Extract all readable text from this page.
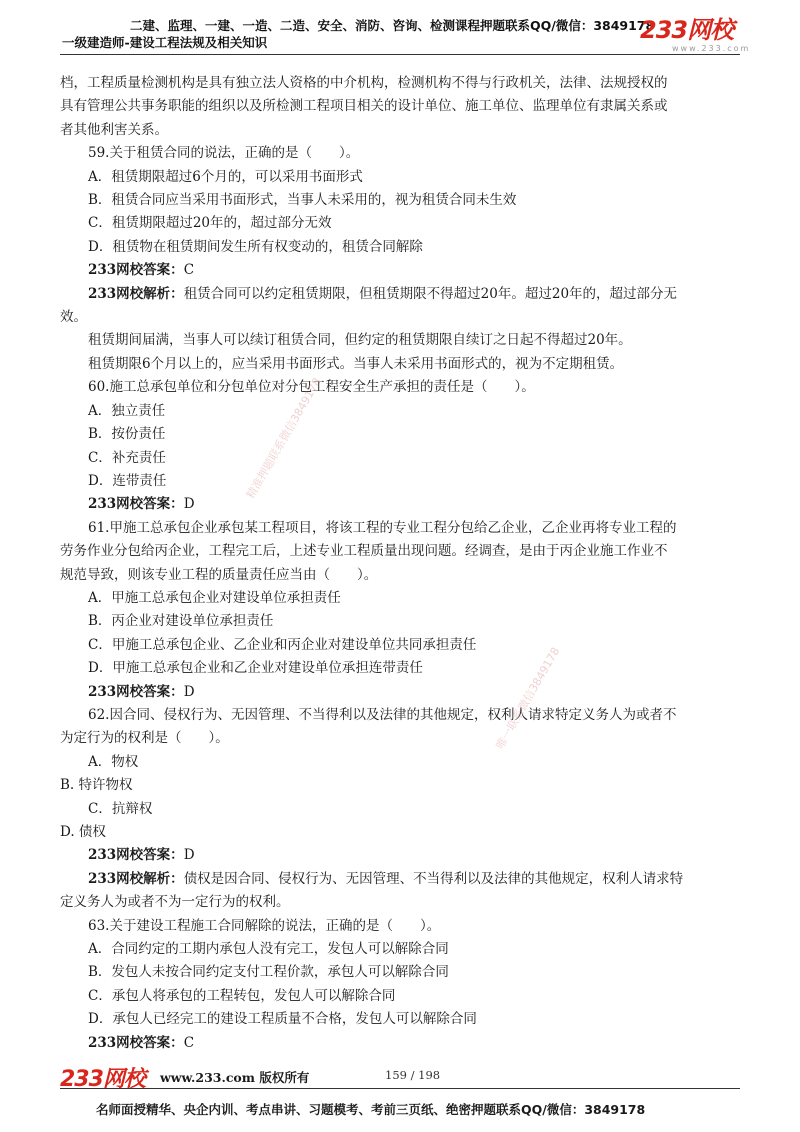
二建、监理、一建、一造、二造、安全、消防、咨询、检测课程押题联系QQ/微信：3849178
一级建造师-建设工程法规及相关知识	233网校
www.233.com
档，工程质量检测机构是具有独立法人资格的中介机构，检测机构不得与行政机关，法律、法规授权的
具有管理公共事务职能的组织以及所检测工程项目相关的设计单位、施工单位、监理单位有隶属关系或
者其他利害关系。
59.关于租赁合同的说法，正确的是（　　）。
A．租赁期限超过6个月的，可以采用书面形式
B．租赁合同应当采用书面形式，当事人未采用的，视为租赁合同未生效
C．租赁期限超过20年的，超过部分无效
D．租赁物在租赁期间发生所有权变动的，租赁合同解除
233网校答案：C
233网校解析：租赁合同可以约定租赁期限，但租赁期限不得超过20年。超过20年的，超过部分无
效。
租赁期间届满，当事人可以续订租赁合同，但约定的租赁期限自续订之日起不得超过20年。
租赁期限6个月以上的，应当采用书面形式。当事人未采用书面形式的，视为不定期租赁。
60.施工总承包单位和分包单位对分包工程安全生产承担的责任是（　　）。
A．独立责任
B．按份责任
C．补充责任
D．连带责任
233网校答案：D
61.甲施工总承包企业承包某工程项目，将该工程的专业工程分包给乙企业，乙企业再将专业工程的
劳务作业分包给丙企业，工程完工后，上述专业工程质量出现问题。经调查，是由于丙企业施工作业不
规范导致，则该专业工程的质量责任应当由（　　）。
A．甲施工总承包企业对建设单位承担责任
B．丙企业对建设单位承担责任
C．甲施工总承包企业、乙企业和丙企业对建设单位共同承担责任
D．甲施工总承包企业和乙企业对建设单位承担连带责任
233网校答案：D
62.因合同、侵权行为、无因管理、不当得利以及法律的其他规定，权利人请求特定义务人为或者不
为定行为的权利是（　　）。
A．物权
B. 特许物权
C．抗辩权
D. 债权
233网校答案：D
233网校解析：债权是因合同、侵权行为、无因管理、不当得利以及法律的其他规定，权利人请求特
定义务人为或者不为一定行为的权利。
63.关于建设工程施工合同解除的说法，正确的是（　　）。
A．合同约定的工期内承包人没有完工，发包人可以解除合同
B．发包人未按合同约定支付工程价款，承包人可以解除合同
C．承包人将承包的工程转包，发包人可以解除合同
D．承包人已经完工的建设工程质量不合格，发包人可以解除合同
233网校答案：C
精准押题联系微信3849178
唯一联系微信3849178
233网校 www.233.com 版权所有	159 / 198
名师面授精华、央企内训、考点串讲、习题模考、考前三页纸、绝密押题联系QQ/微信：3849178
